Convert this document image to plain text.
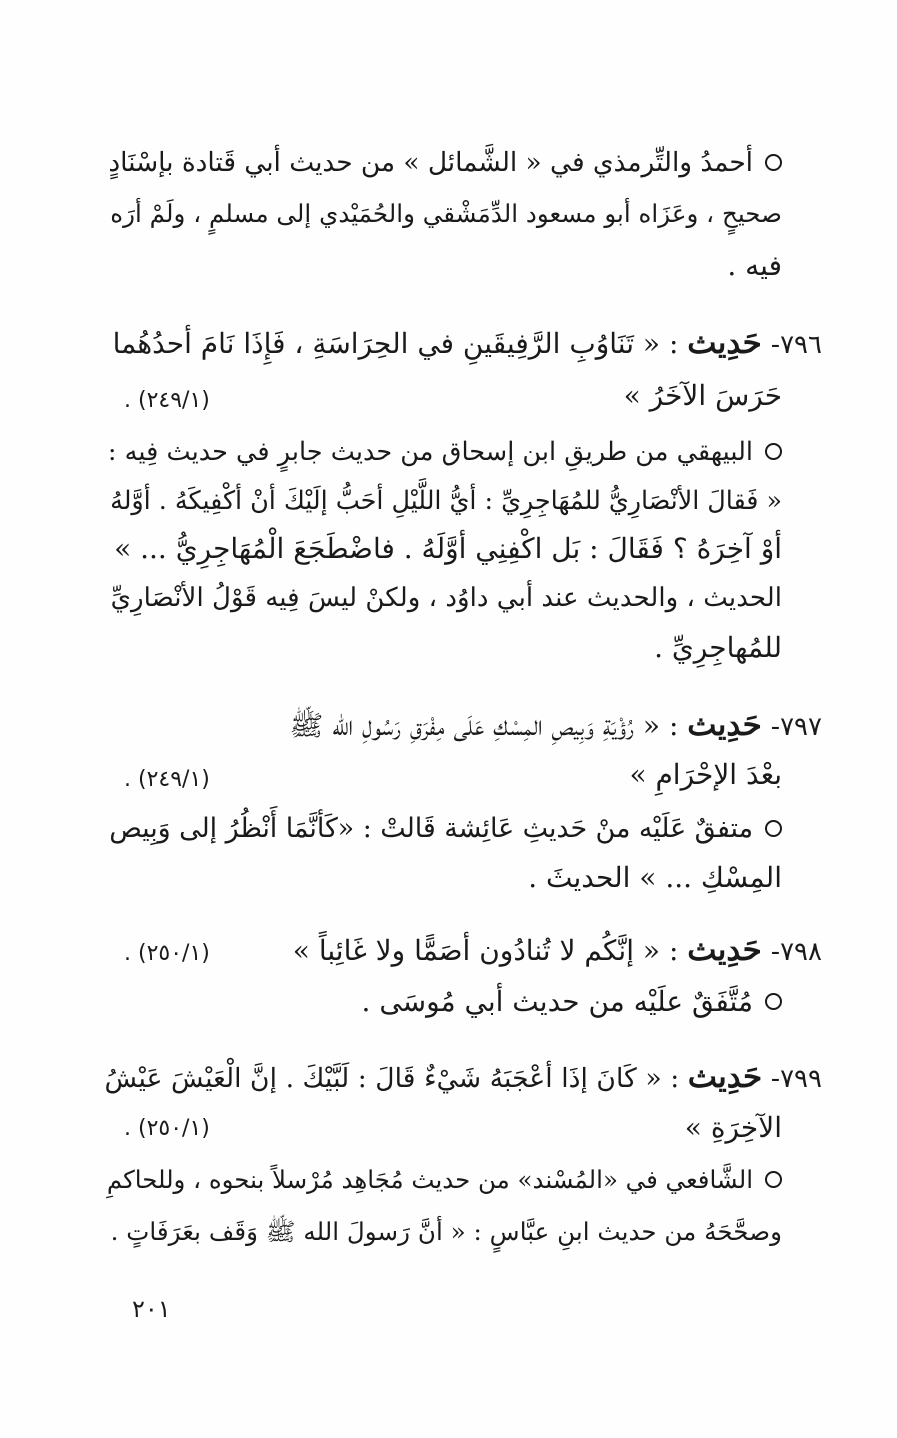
أحمدُ والتِّرمذي في « الشَّمائل » من حديث أبي قَتادة بإسْنَادٍ
صحيحٍ ، وعَزَاه أبو مسعود الدِّمَشْقي والحُمَيْدي إلى مسلمٍ ، ولَمْ أرَه
فيه .
٧٩٦- حَدِيث : « تَنَاوُبِ الرَّفِيقَينِ في الحِرَاسَةِ ، فَإِذَا نَامَ أحدُهُما
حَرَسَ الآخَرُ »
(٢٤٩/١) .
البيهقي من طريقِ ابن إسحاق من حديث جابرٍ في حديث فِيه :
« فَقالَ الأنْصَارِيُّ للمُهَاجِرِيِّ : أيُّ اللَّيْلِ أحَبُّ إلَيْكَ أنْ أكْفِيكَهُ . أوَّلهُ
أوْ آخِرَهُ ؟ فَقَالَ : بَل اكْفِنِي أوَّلَهُ . فاضْطَجَعَ الْمُهَاجِرِيُّ ... »
الحديث ، والحديث عند أبي داوُد ، ولكنْ ليسَ فِيه قَوْلُ الأنْصَارِيِّ
للمُهاجِرِيِّ .
٧٩٧- حَدِيث : « رُؤْيَةِ وَبِيصِ المِسْكِ عَلَى مِفْرَقِ رَسُولِ الله ﷺ
بعْدَ الإحْرَامِ »
(٢٤٩/١) .
متفقٌ عَلَيْه منْ حَديثِ عَائِشة قَالتْ : «كَأنَّمَا أَنْظُرُ إلى وَبِيص
المِسْكِ ... » الحديثَ .
٧٩٨- حَدِيث : « إنَّكُم لا تُنادُون أصَمًّا ولا غَائِباً »
(٢٥٠/١) .
مُتَّفَقٌ علَيْه من حديث أبي مُوسَى .
٧٩٩- حَدِيث : « كَانَ إذَا أعْجَبَهُ شَيْءٌ قَالَ : لَبَّيْكَ . إنَّ الْعَيْشَ عَيْشُ
الآخِرَةِ »
(٢٥٠/١) .
الشَّافعي في «المُسْند» من حديث مُجَاهِد مُرْسلاً بنحوه ، وللحاكمِ
وصحَّحَهُ من حديث ابنِ عبَّاسٍ : « أنَّ رَسولَ الله ﷺ وَقَف بعَرَفَاتٍ .
٢٠١
